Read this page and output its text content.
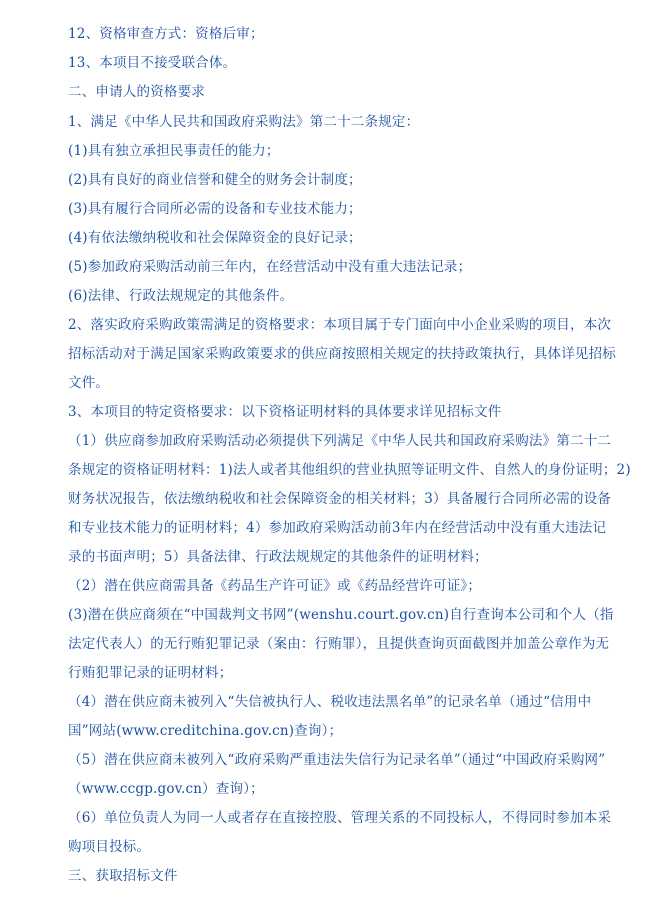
12、资格审查方式：资格后审；
13、本项目不接受联合体。
二、申请人的资格要求
1、满足《中华人民共和国政府采购法》第二十二条规定：
(1)具有独立承担民事责任的能力；
(2)具有良好的商业信誉和健全的财务会计制度；
(3)具有履行合同所必需的设备和专业技术能力；
(4)有依法缴纳税收和社会保障资金的良好记录；
(5)参加政府采购活动前三年内，在经营活动中没有重大违法记录；
(6)法律、行政法规规定的其他条件。
2、落实政府采购政策需满足的资格要求：本项目属于专门面向中小企业采购的项目，本次
招标活动对于满足国家采购政策要求的供应商按照相关规定的扶持政策执行，具体详见招标
文件。
3、本项目的特定资格要求：以下资格证明材料的具体要求详见招标文件
（1）供应商参加政府采购活动必须提供下列满足《中华人民共和国政府采购法》第二十二
条规定的资格证明材料：1)法人或者其他组织的营业执照等证明文件、自然人的身份证明；2)
财务状况报告，依法缴纳税收和社会保障资金的相关材料；3）具备履行合同所必需的设备
和专业技术能力的证明材料；4）参加政府采购活动前3年内在经营活动中没有重大违法记
录的书面声明；5）具备法律、行政法规规定的其他条件的证明材料；
（2）潜在供应商需具备《药品生产许可证》或《药品经营许可证》；
(3)潜在供应商须在“中国裁判文书网”(wenshu.court.gov.cn)自行查询本公司和个人（指
法定代表人）的无行贿犯罪记录（案由：行贿罪），且提供查询页面截图并加盖公章作为无
行贿犯罪记录的证明材料；
（4）潜在供应商未被列入“失信被执行人、税收违法黑名单”的记录名单（通过“信用中
国”网站(www.creditchina.gov.cn)查询）；
（5）潜在供应商未被列入“政府采购严重违法失信行为记录名单”（通过“中国政府采购网”
（www.ccgp.gov.cn）查询）；
（6）单位负责人为同一人或者存在直接控股、管理关系的不同投标人，不得同时参加本采
购项目投标。
三、获取招标文件
